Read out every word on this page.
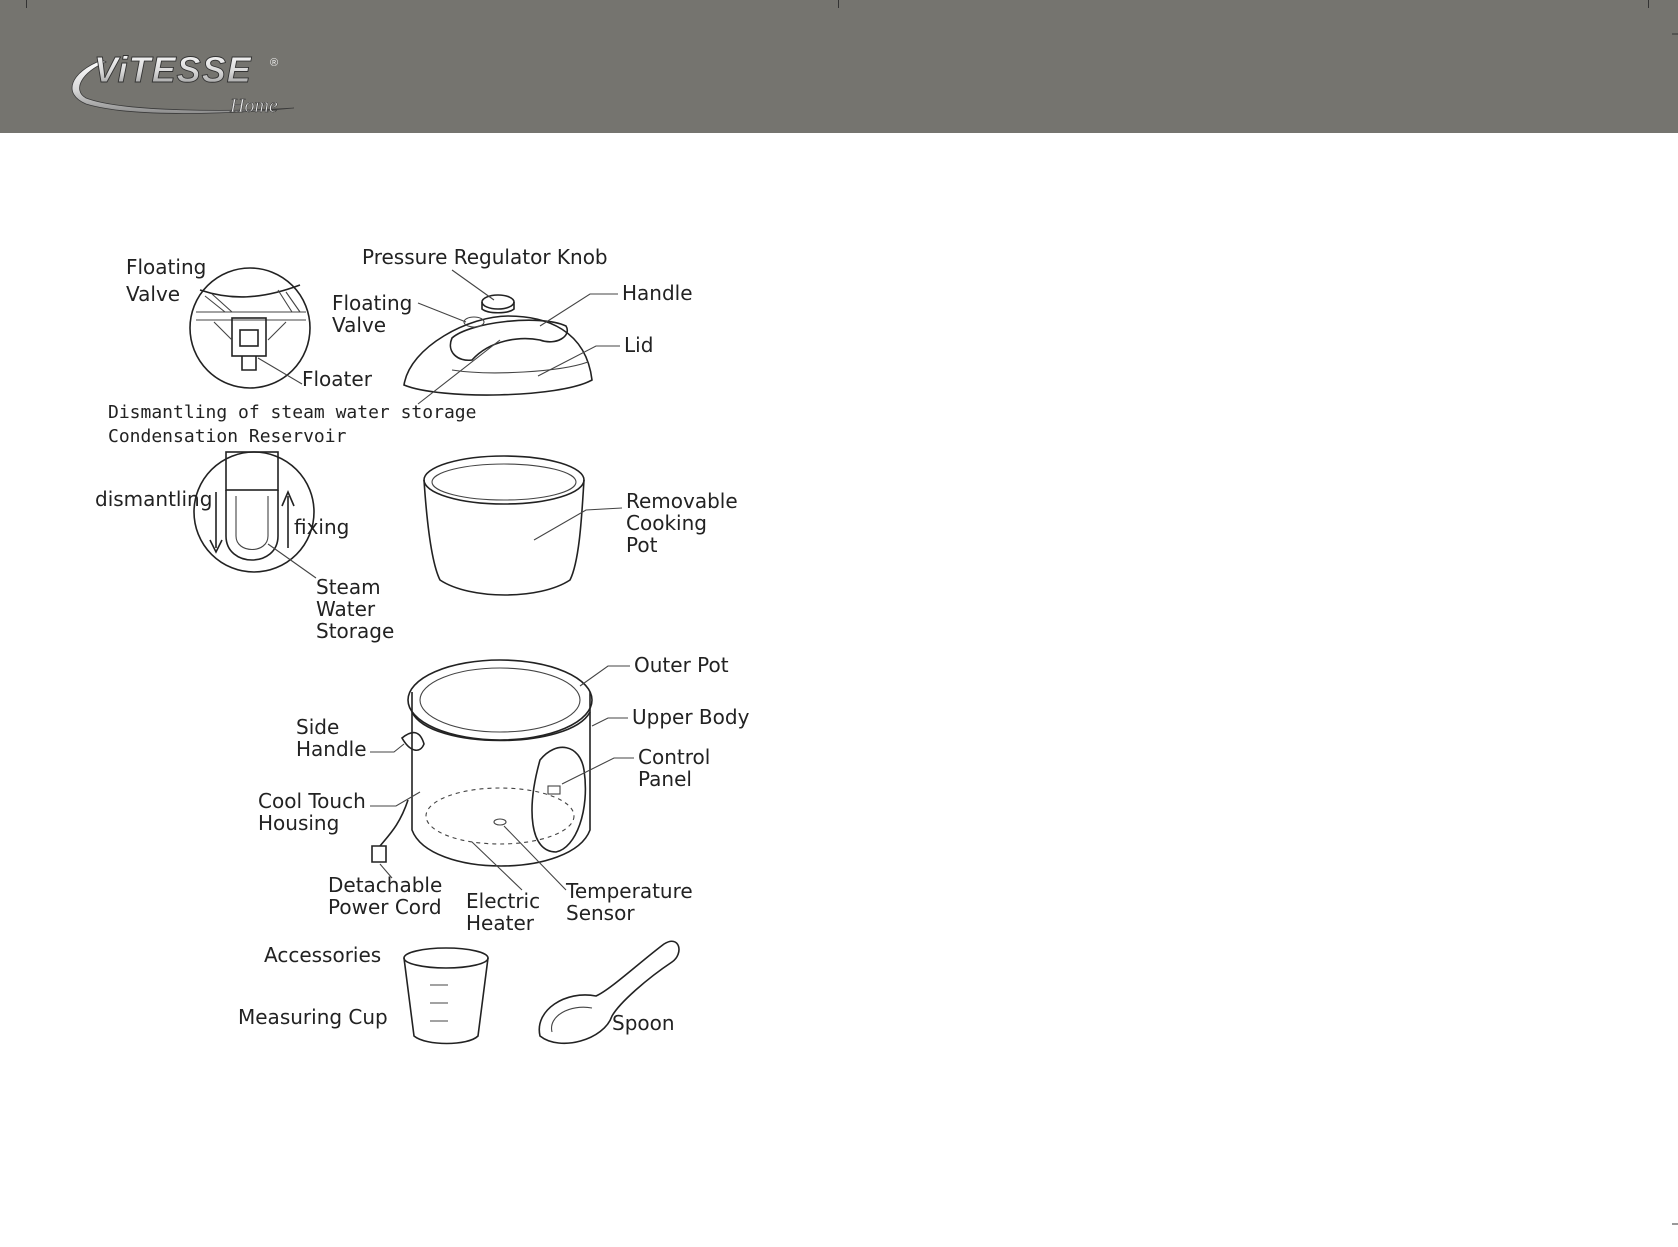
ViTESSE ®
Home
Floating
Valve
Floater
Pressure Regulator Knob
Floating
Valve
Handle
Lid
Dismantling of steam water storage
Condensation Reservoir
dismantling
fixing
Steam
Water
Storage
Removable
Cooking
Pot
Outer Pot
Upper Body
Side
Handle	Control
Panel
Cool Touch
Housing
Detachable
Power Cord Electric
Heater
Temperature
Sensor
Accessories
Measuring Cup	Spoon
